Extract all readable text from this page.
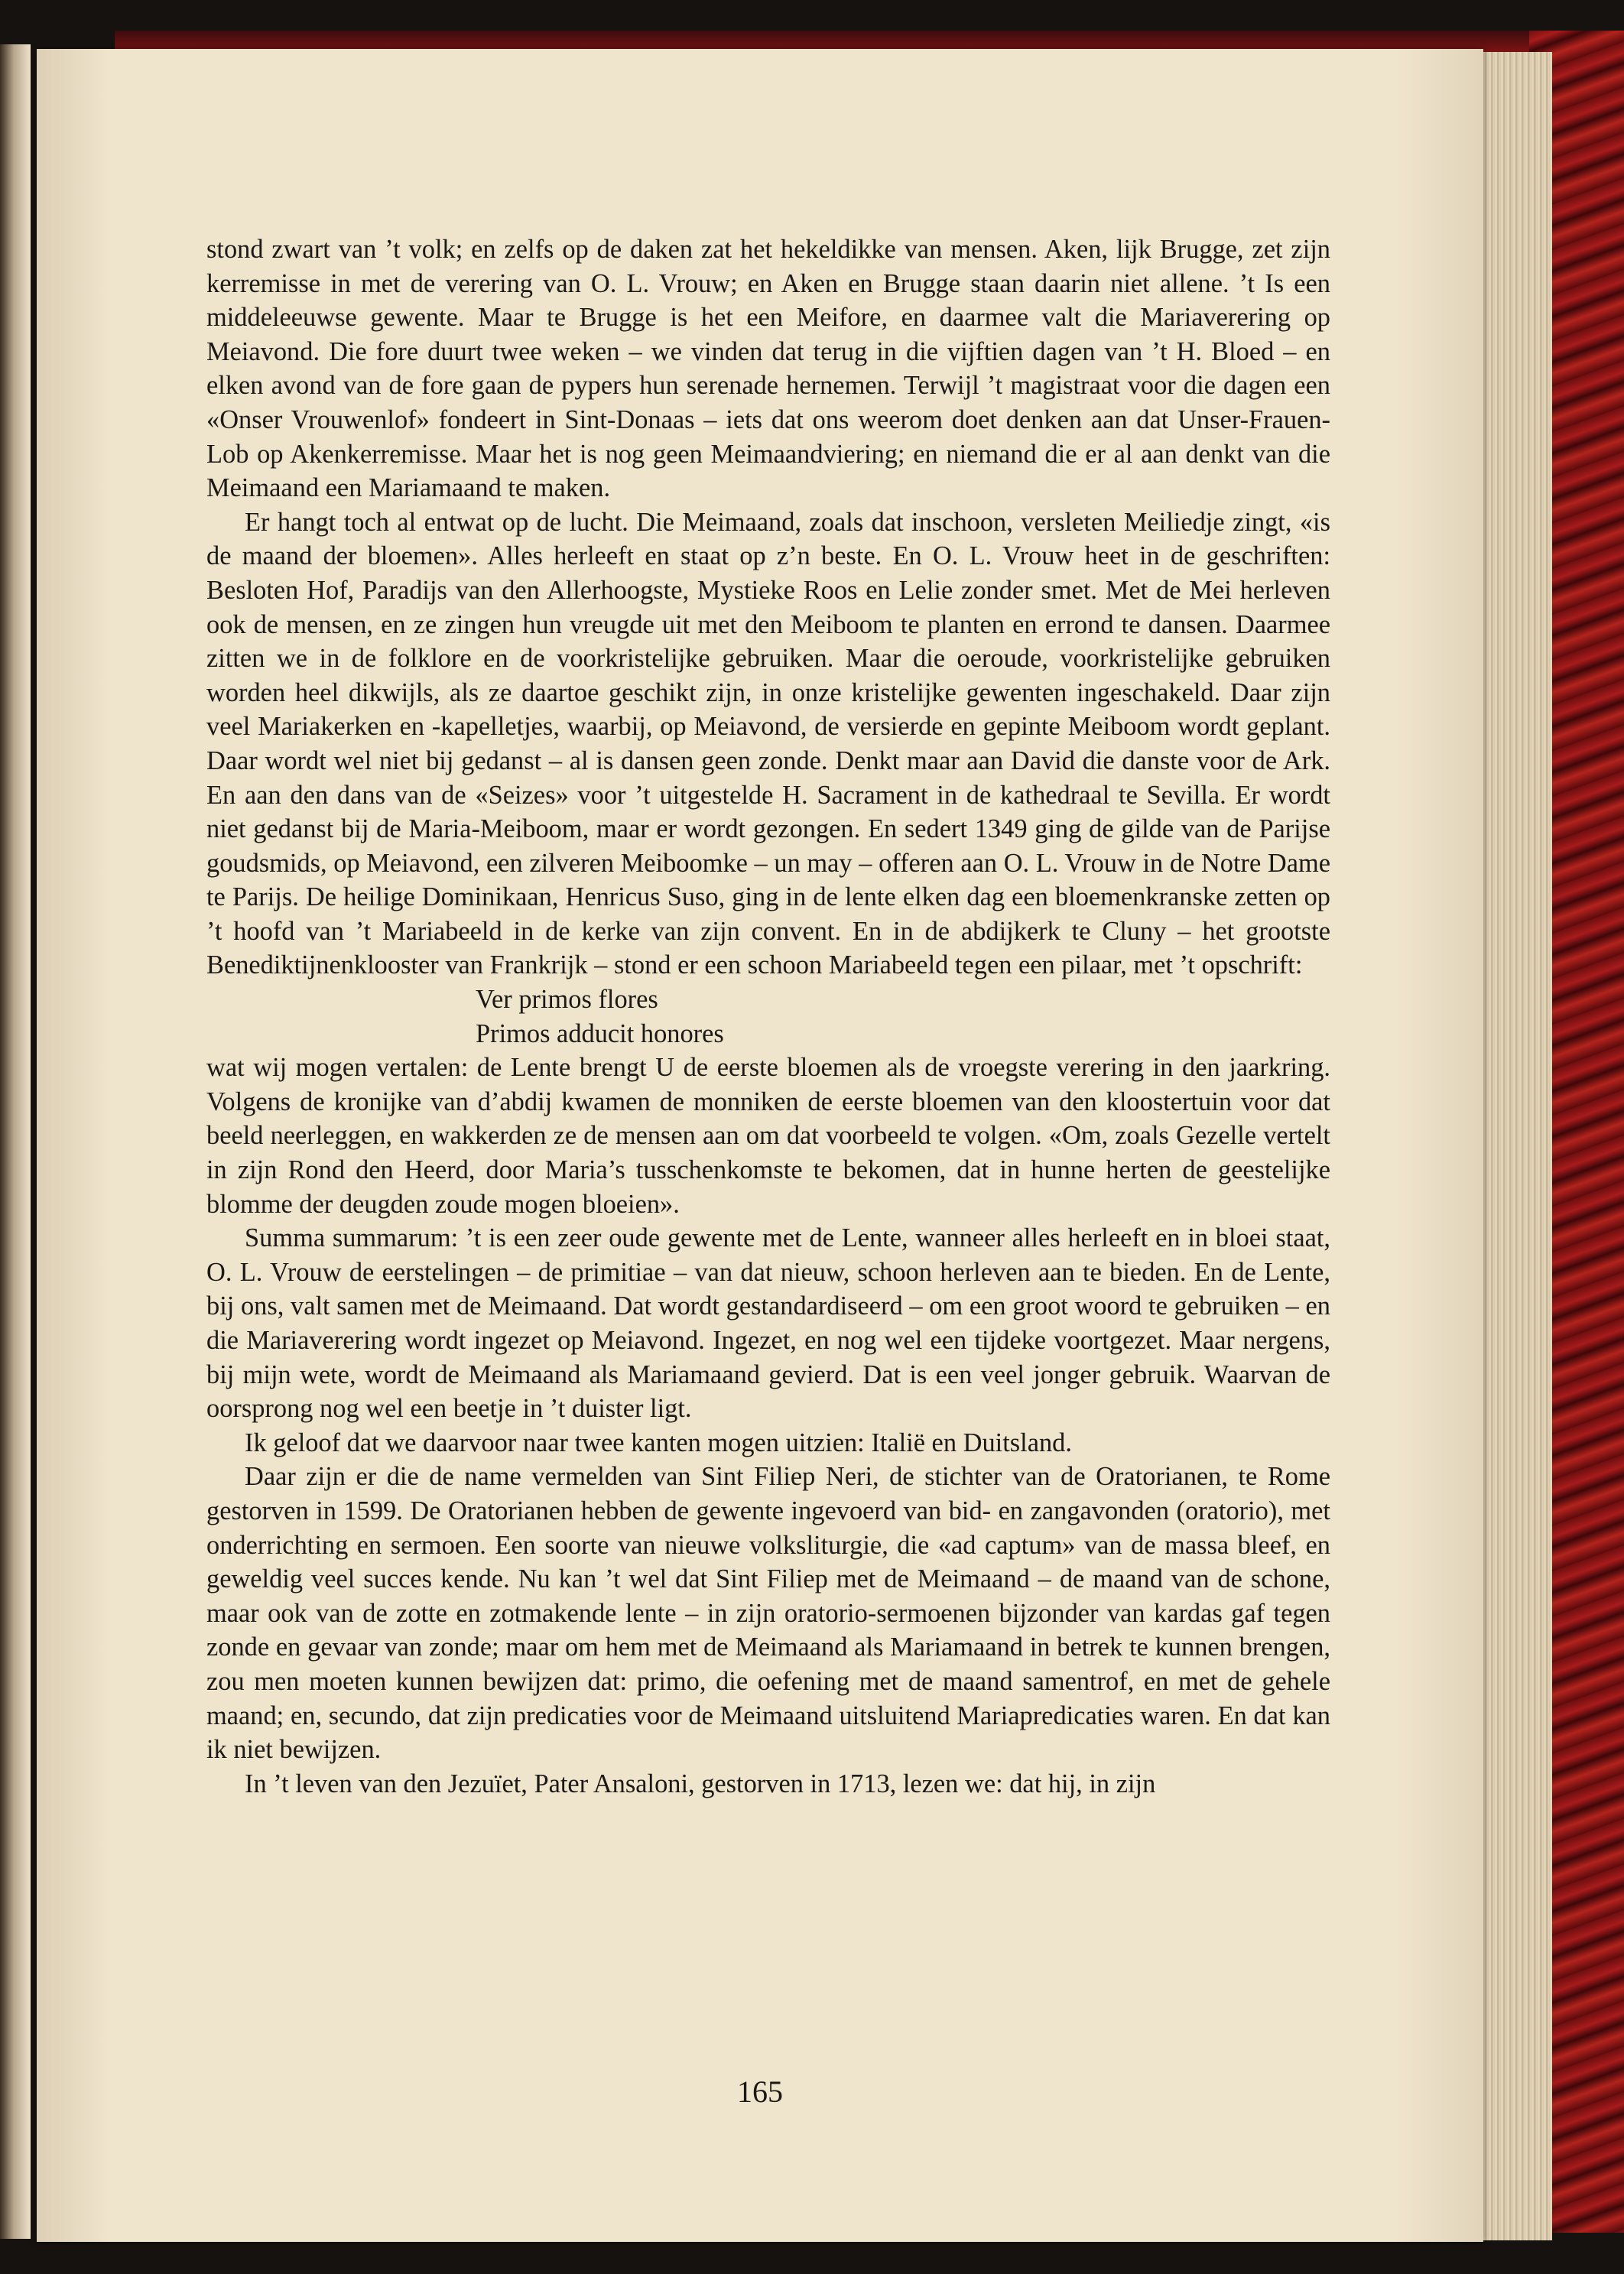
stond zwart van ’t volk; en zelfs op de daken zat het hekeldikke van mensen. Aken, lijk Brugge, zet zijn kerremisse in met de verering van O. L. Vrouw; en Aken en Brugge staan daarin niet allene. ’t Is een middeleeuwse gewente. Maar te Brugge is het een Meifore, en daarmee valt die Mariaverering op Meiavond. Die fore duurt twee weken – we vinden dat terug in die vijftien dagen van ’t H. Bloed – en elken avond van de fore gaan de pypers hun serenade hernemen. Terwijl ’t magistraat voor die dagen een «Onser Vrouwenlof» fondeert in Sint-Donaas – iets dat ons weerom doet denken aan dat Unser-Frauen-Lob op Akenkerremisse. Maar het is nog geen Meimaandviering; en niemand die er al aan denkt van die Meimaand een Mariamaand te maken.

Er hangt toch al entwat op de lucht. Die Meimaand, zoals dat inschoon, versleten Meiliedje zingt, «is de maand der bloemen». Alles herleeft en staat op z’n beste. En O. L. Vrouw heet in de geschriften: Besloten Hof, Paradijs van den Allerhoogste, Mystieke Roos en Lelie zonder smet. Met de Mei herleven ook de mensen, en ze zingen hun vreugde uit met den Meiboom te planten en errond te dansen. Daarmee zitten we in de folklore en de voorkristelijke gebruiken. Maar die oeroude, voorkristelijke gebruiken worden heel dikwijls, als ze daartoe geschikt zijn, in onze kristelijke gewenten ingeschakeld. Daar zijn veel Mariakerken en -kapelletjes, waarbij, op Meiavond, de versierde en gepinte Meiboom wordt geplant. Daar wordt wel niet bij gedanst – al is dansen geen zonde. Denkt maar aan David die danste voor de Ark. En aan den dans van de «Seizes» voor ’t uitgestelde H. Sacrament in de kathedraal te Sevilla. Er wordt niet gedanst bij de Maria-Meiboom, maar er wordt gezongen. En sedert 1349 ging de gilde van de Parijse goudsmids, op Meiavond, een zilveren Meiboomke – un may – offeren aan O. L. Vrouw in de Notre Dame te Parijs. De heilige Dominikaan, Henricus Suso, ging in de lente elken dag een bloemenkranske zetten op ’t hoofd van ’t Mariabeeld in de kerke van zijn convent. En in de abdijkerk te Cluny – het grootste Benediktijnenklooster van Frankrijk – stond er een schoon Mariabeeld tegen een pilaar, met ’t opschrift:

Ver primos flores

Primos adducit honores

wat wij mogen vertalen: de Lente brengt U de eerste bloemen als de vroegste verering in den jaarkring. Volgens de kronijke van d’abdij kwamen de monniken de eerste bloemen van den kloostertuin voor dat beeld neerleggen, en wakkerden ze de mensen aan om dat voorbeeld te volgen. «Om, zoals Gezelle vertelt in zijn Rond den Heerd, door Maria’s tusschenkomste te bekomen, dat in hunne herten de geestelijke blomme der deugden zoude mogen bloeien».

Summa summarum: ’t is een zeer oude gewente met de Lente, wanneer alles herleeft en in bloei staat, O. L. Vrouw de eerstelingen – de primitiae – van dat nieuw, schoon herleven aan te bieden. En de Lente, bij ons, valt samen met de Meimaand. Dat wordt gestandardiseerd – om een groot woord te gebruiken – en die Mariaverering wordt ingezet op Meiavond. Ingezet, en nog wel een tijdeke voortgezet. Maar nergens, bij mijn wete, wordt de Meimaand als Mariamaand gevierd. Dat is een veel jonger gebruik. Waarvan de oorsprong nog wel een beetje in ’t duister ligt.

Ik geloof dat we daarvoor naar twee kanten mogen uitzien: Italië en Duitsland.

Daar zijn er die de name vermelden van Sint Filiep Neri, de stichter van de Oratorianen, te Rome gestorven in 1599. De Oratorianen hebben de gewente ingevoerd van bid- en zangavonden (oratorio), met onderrichting en sermoen. Een soorte van nieuwe volksliturgie, die «ad captum» van de massa bleef, en geweldig veel succes kende. Nu kan ’t wel dat Sint Filiep met de Meimaand – de maand van de schone, maar ook van de zotte en zotmakende lente – in zijn oratorio-sermoenen bijzonder van kardas gaf tegen zonde en gevaar van zonde; maar om hem met de Meimaand als Mariamaand in betrek te kunnen brengen, zou men moeten kunnen bewijzen dat: primo, die oefening met de maand samentrof, en met de gehele maand; en, secundo, dat zijn predicaties voor de Meimaand uitsluitend Mariapredicaties waren. En dat kan ik niet bewijzen.

In ’t leven van den Jezuïet, Pater Ansaloni, gestorven in 1713, lezen we: dat hij, in zijn

165
